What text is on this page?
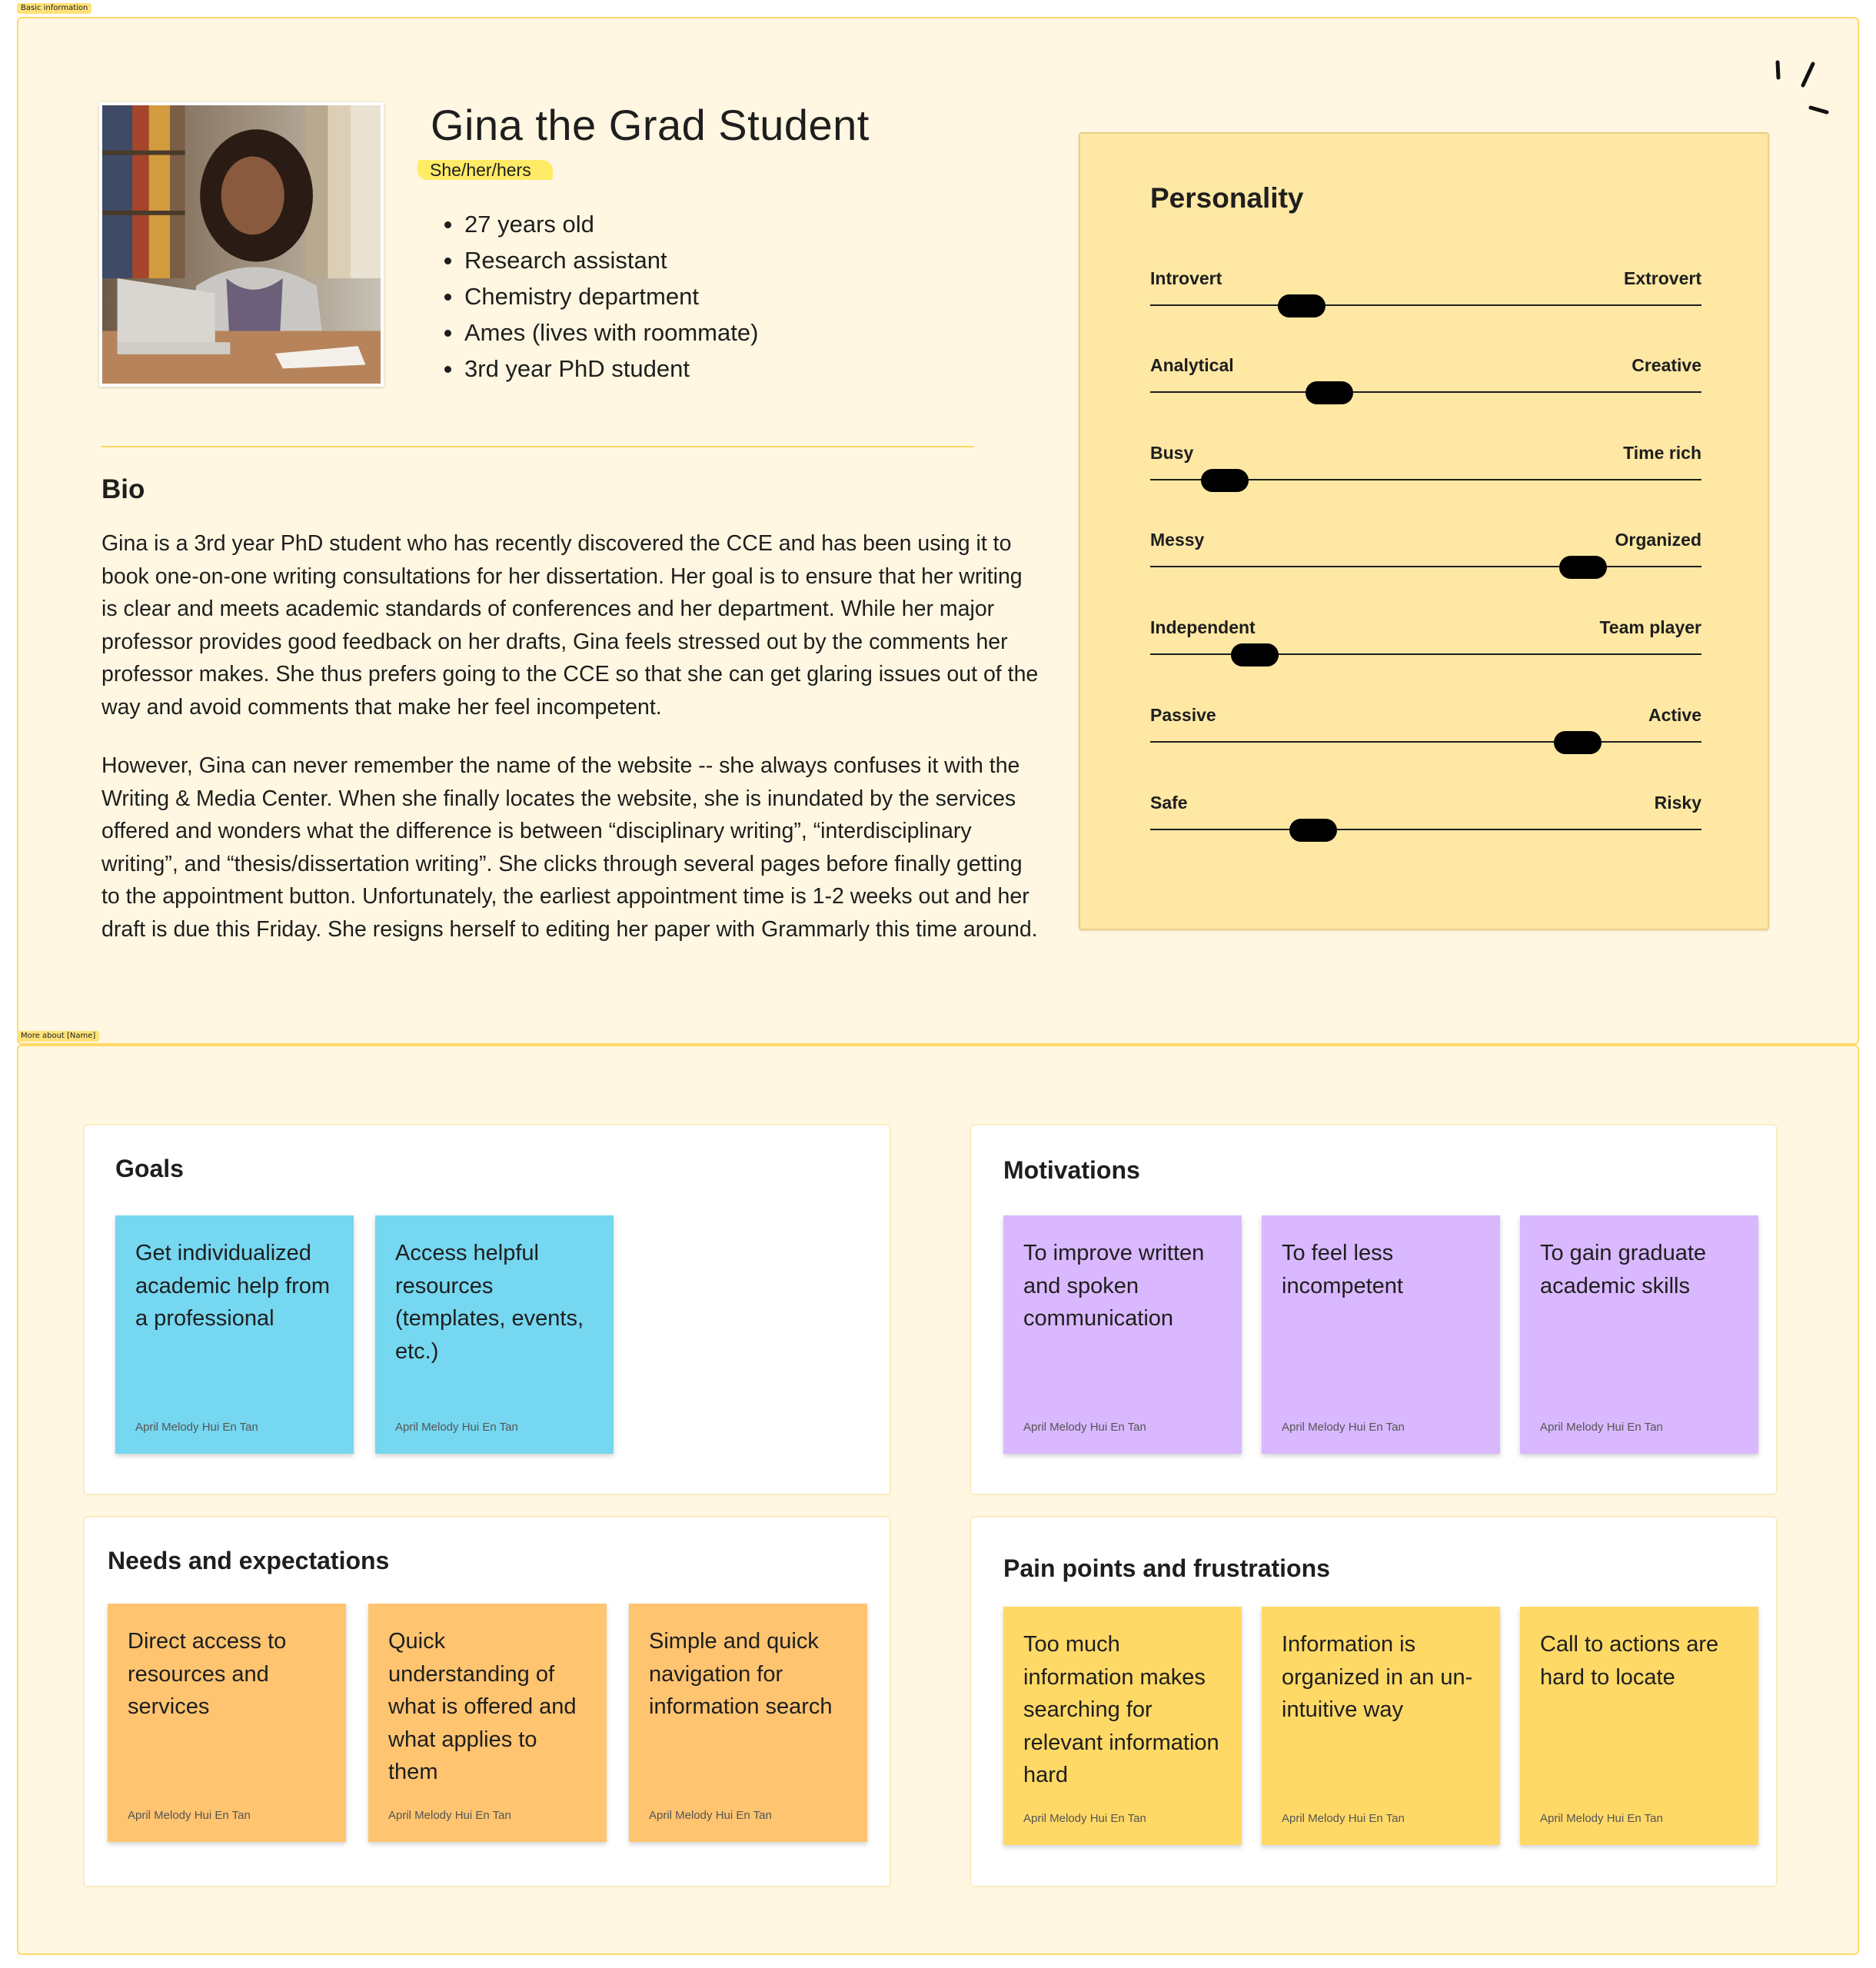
Basic information
Gina the Grad Student
She/her/hers
27 years old
Research assistant
Chemistry department
Ames (lives with roommate)
3rd year PhD student
Bio

Gina is a 3rd year PhD student who has recently discovered the CCE and has been using it to book one-on-one writing consultations for her dissertation. Her goal is to ensure that her writing is clear and meets academic standards of conferences and her department. While her major professor provides good feedback on her drafts, Gina feels stressed out by the comments her professor makes. She thus prefers going to the CCE so that she can get glaring issues out of the way and avoid comments that make her feel incompetent.

However, Gina can never remember the name of the website -- she always confuses it with the Writing & Media Center. When she finally locates the website, she is inundated by the services offered and wonders what the difference is between “disciplinary writing”, “interdisciplinary writing”, and “thesis/dissertation writing”. She clicks through several pages before finally getting to the appointment button. Unfortunately, the earliest appointment time is 1-2 weeks out and her draft is due this Friday. She resigns herself to editing her paper with Grammarly this time around.

Personality
Introvert	Extrovert
Analytical	Creative
Busy	Time rich
Messy	Organized
Independent	Team player
Passive	Active
Safe	Risky
More about [Name]
Goals
Get individualized academic help from a professional
April Melody Hui En Tan
Access helpful resources (templates, events, etc.)
April Melody Hui En Tan
Motivations
To improve written and spoken communication
April Melody Hui En Tan
To feel less incompetent
April Melody Hui En Tan
To gain graduate academic skills
April Melody Hui En Tan
Needs and expectations
Direct access to resources and services
April Melody Hui En Tan
Quick understanding of what is offered and what applies to them
April Melody Hui En Tan
Simple and quick navigation for information search
April Melody Hui En Tan
Pain points and frustrations
Too much information makes searching for relevant information hard
April Melody Hui En Tan
Information is organized in an un-intuitive way
April Melody Hui En Tan
Call to actions are hard to locate
April Melody Hui En Tan
